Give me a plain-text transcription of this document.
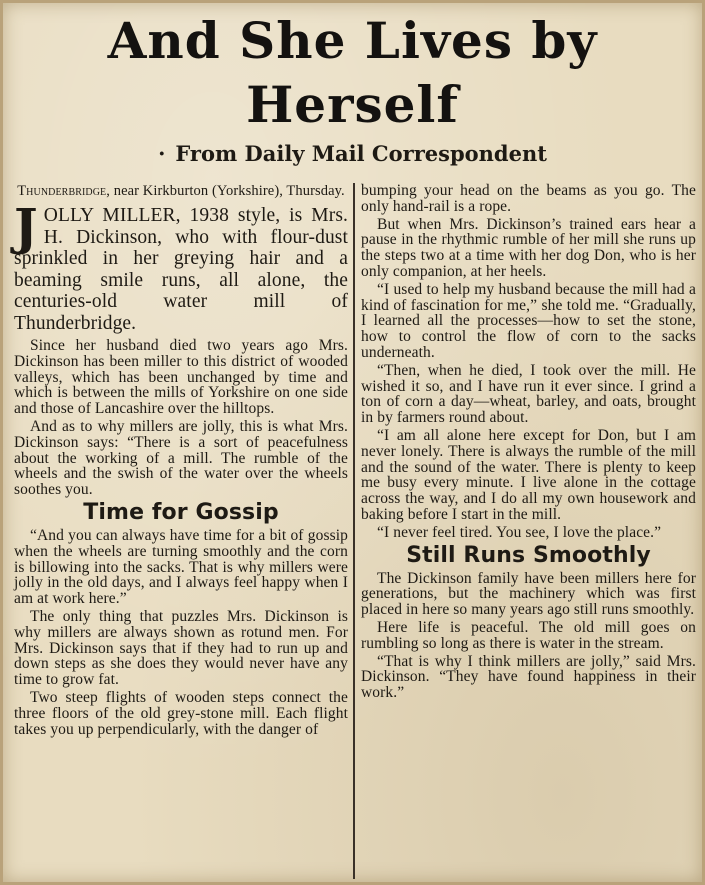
And She Lives by
Herself
· From Daily Mail Correspondent
Thunderbridge, near Kirkburton (Yorkshire), Thursday.

JOLLY MILLER, 1938 style, is Mrs. H. Dickinson, who with flour-dust sprinkled in her greying hair and a beaming smile runs, all alone, the centuries-old water mill of Thunderbridge.

Since her husband died two years ago Mrs. Dickinson has been miller to this district of wooded valleys, which has been unchanged by time and which is between the mills of Yorkshire on one side and those of Lancashire over the hilltops.

And as to why millers are jolly, this is what Mrs. Dickinson says: “There is a sort of peacefulness about the working of a mill. The rumble of the wheels and the swish of the water over the wheels soothes you.

Time for Gossip

“And you can always have time for a bit of gossip when the wheels are turning smoothly and the corn is billowing into the sacks. That is why millers were jolly in the old days, and I always feel happy when I am at work here.”

The only thing that puzzles Mrs. Dickinson is why millers are always shown as rotund men. For Mrs. Dickinson says that if they had to run up and down steps as she does they would never have any time to grow fat.

Two steep flights of wooden steps connect the three floors of the old grey-stone mill. Each flight takes you up perpendicularly, with the danger of

bumping your head on the beams as you go. The only hand-rail is a rope.

But when Mrs. Dickinson’s trained ears hear a pause in the rhythmic rumble of her mill she runs up the steps two at a time with her dog Don, who is her only companion, at her heels.

“I used to help my husband because the mill had a kind of fascination for me,” she told me. “Gradually, I learned all the processes—how to set the stone, how to control the flow of corn to the sacks underneath.

“Then, when he died, I took over the mill. He wished it so, and I have run it ever since. I grind a ton of corn a day—wheat, barley, and oats, brought in by farmers round about.

“I am all alone here except for Don, but I am never lonely. There is always the rumble of the mill and the sound of the water. There is plenty to keep me busy every minute. I live alone in the cottage across the way, and I do all my own housework and baking before I start in the mill.

“I never feel tired. You see, I love the place.”

Still Runs Smoothly

The Dickinson family have been millers here for generations, but the machinery which was first placed in here so many years ago still runs smoothly.

Here life is peaceful. The old mill goes on rumbling so long as there is water in the stream.

“That is why I think millers are jolly,” said Mrs. Dickinson. “They have found happiness in their work.”
